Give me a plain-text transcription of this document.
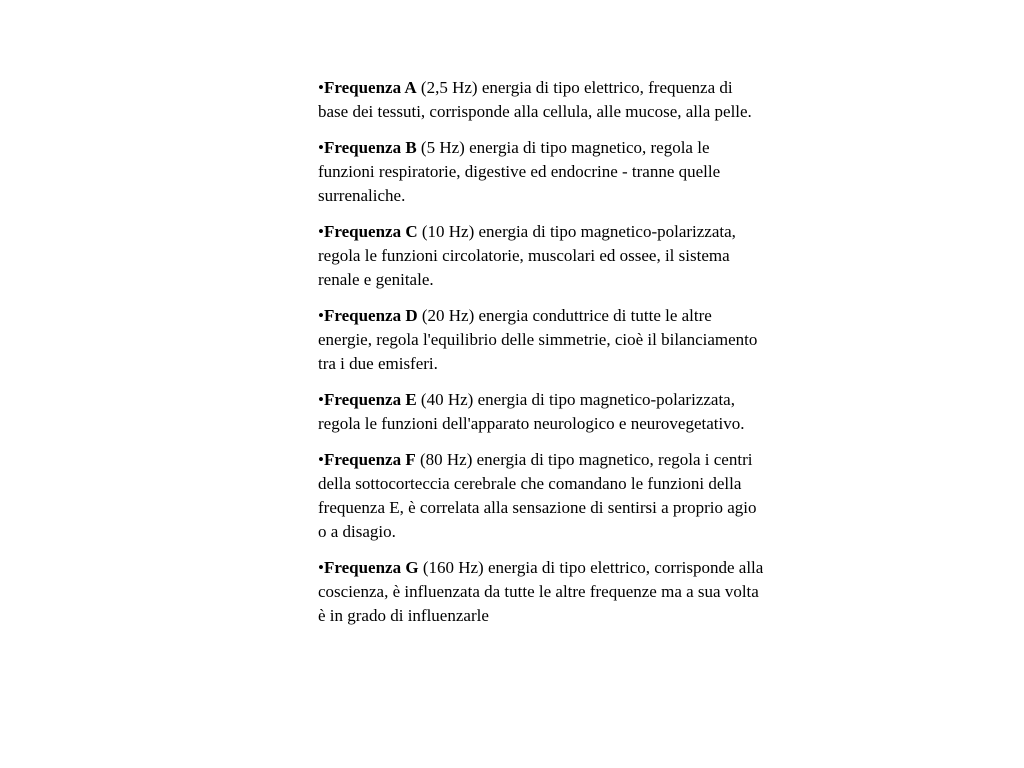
•Frequenza A (2,5 Hz) energia di tipo elettrico, frequenza di base dei tessuti, corrisponde alla cellula, alle mucose, alla pelle.

•Frequenza B (5 Hz) energia di tipo magnetico, regola le funzioni respiratorie, digestive ed endocrine - tranne quelle surrenaliche.

•Frequenza C (10 Hz) energia di tipo magnetico-polarizzata, regola le funzioni circolatorie, muscolari ed ossee, il sistema renale e genitale.

•Frequenza D (20 Hz) energia conduttrice di tutte le altre energie, regola l'equilibrio delle simmetrie, cioè il bilanciamento tra i due emisferi.

•Frequenza E (40 Hz) energia di tipo magnetico-polarizzata, regola le funzioni dell'apparato neurologico e neurovegetativo.

•Frequenza F (80 Hz) energia di tipo magnetico, regola i centri della sottocorteccia cerebrale che comandano le funzioni della frequenza E, è correlata alla sensazione di sentirsi a proprio agio o a disagio.

•Frequenza G (160 Hz) energia di tipo elettrico, corrisponde alla coscienza, è influenzata da tutte le altre frequenze ma a sua volta è in grado di influenzarle
